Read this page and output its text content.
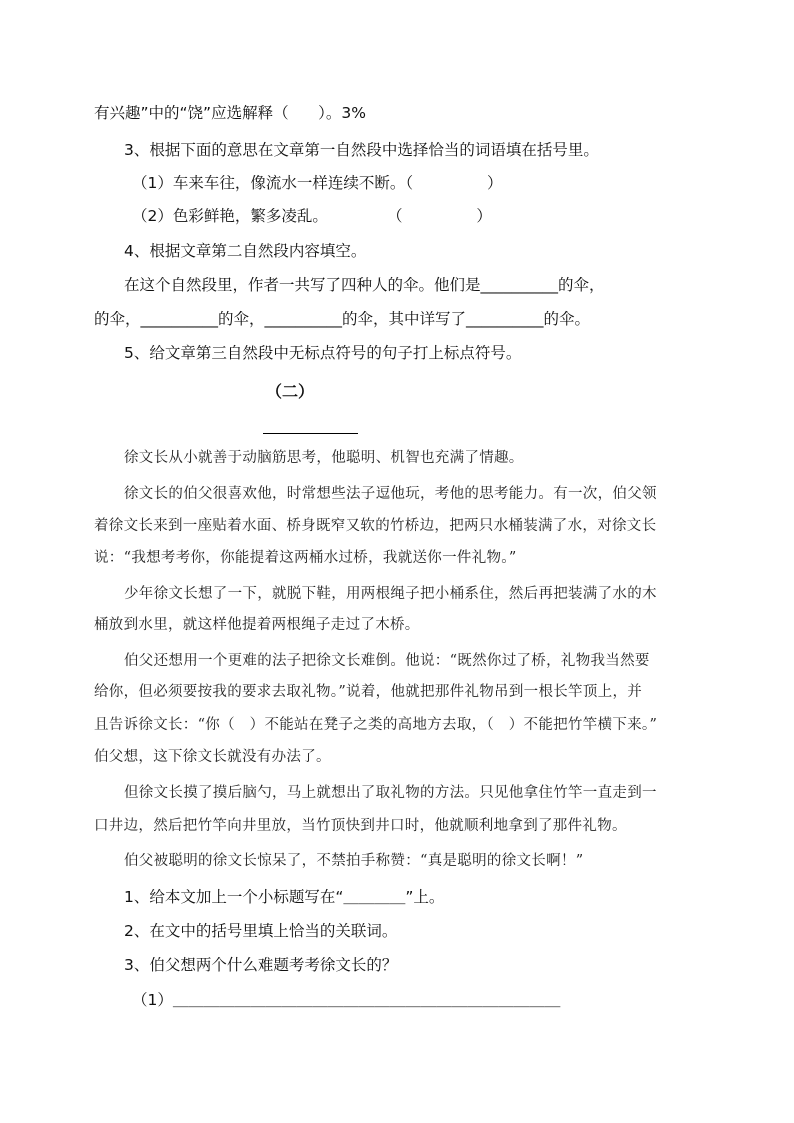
有兴趣”中的“饶”应选解释（      ）。3%
3、根据下面的意思在文章第一自然段中选择恰当的词语填在括号里。
（1）车来车往，像流水一样连续不断。（               ）
（2）色彩鲜艳，繁多凌乱。            （               ）
4、根据文章第二自然段内容填空。
在这个自然段里，作者一共写了四种人的伞。他们是__________的伞，
的伞，__________的伞，__________的伞，其中详写了__________的伞。
5、给文章第三自然段中无标点符号的句子打上标点符号。
（二）
徐文长从小就善于动脑筋思考，他聪明、机智也充满了情趣。
徐文长的伯父很喜欢他，时常想些法子逗他玩，考他的思考能力。有一次，伯父领
着徐文长来到一座贴着水面、桥身既窄又软的竹桥边，把两只水桶装满了水，对徐文长
说：“我想考考你，你能提着这两桶水过桥，我就送你一件礼物。”
少年徐文长想了一下，就脱下鞋，用两根绳子把小桶系住，然后再把装满了水的木
桶放到水里，就这样他提着两根绳子走过了木桥。
伯父还想用一个更难的法子把徐文长难倒。他说：“既然你过了桥，礼物我当然要
给你，但必须要按我的要求去取礼物。”说着，他就把那件礼物吊到一根长竿顶上，并
且告诉徐文长：“你（   ）不能站在凳子之类的高地方去取，（   ）不能把竹竿横下来。”
伯父想，这下徐文长就没有办法了。
但徐文长摸了摸后脑勺，马上就想出了取礼物的方法。只见他拿住竹竿一直走到一
口井边，然后把竹竿向井里放，当竹顶快到井口时，他就顺利地拿到了那件礼物。
伯父被聪明的徐文长惊呆了，不禁拍手称赞：“真是聪明的徐文长啊！”
1、给本文加上一个小标题写在“＿＿＿＿”上。
2、在文中的括号里填上恰当的关联词。
3、伯父想两个什么难题考考徐文长的？
（1）＿＿＿＿＿＿＿＿＿＿＿＿＿＿＿＿＿＿＿＿＿＿＿＿＿
